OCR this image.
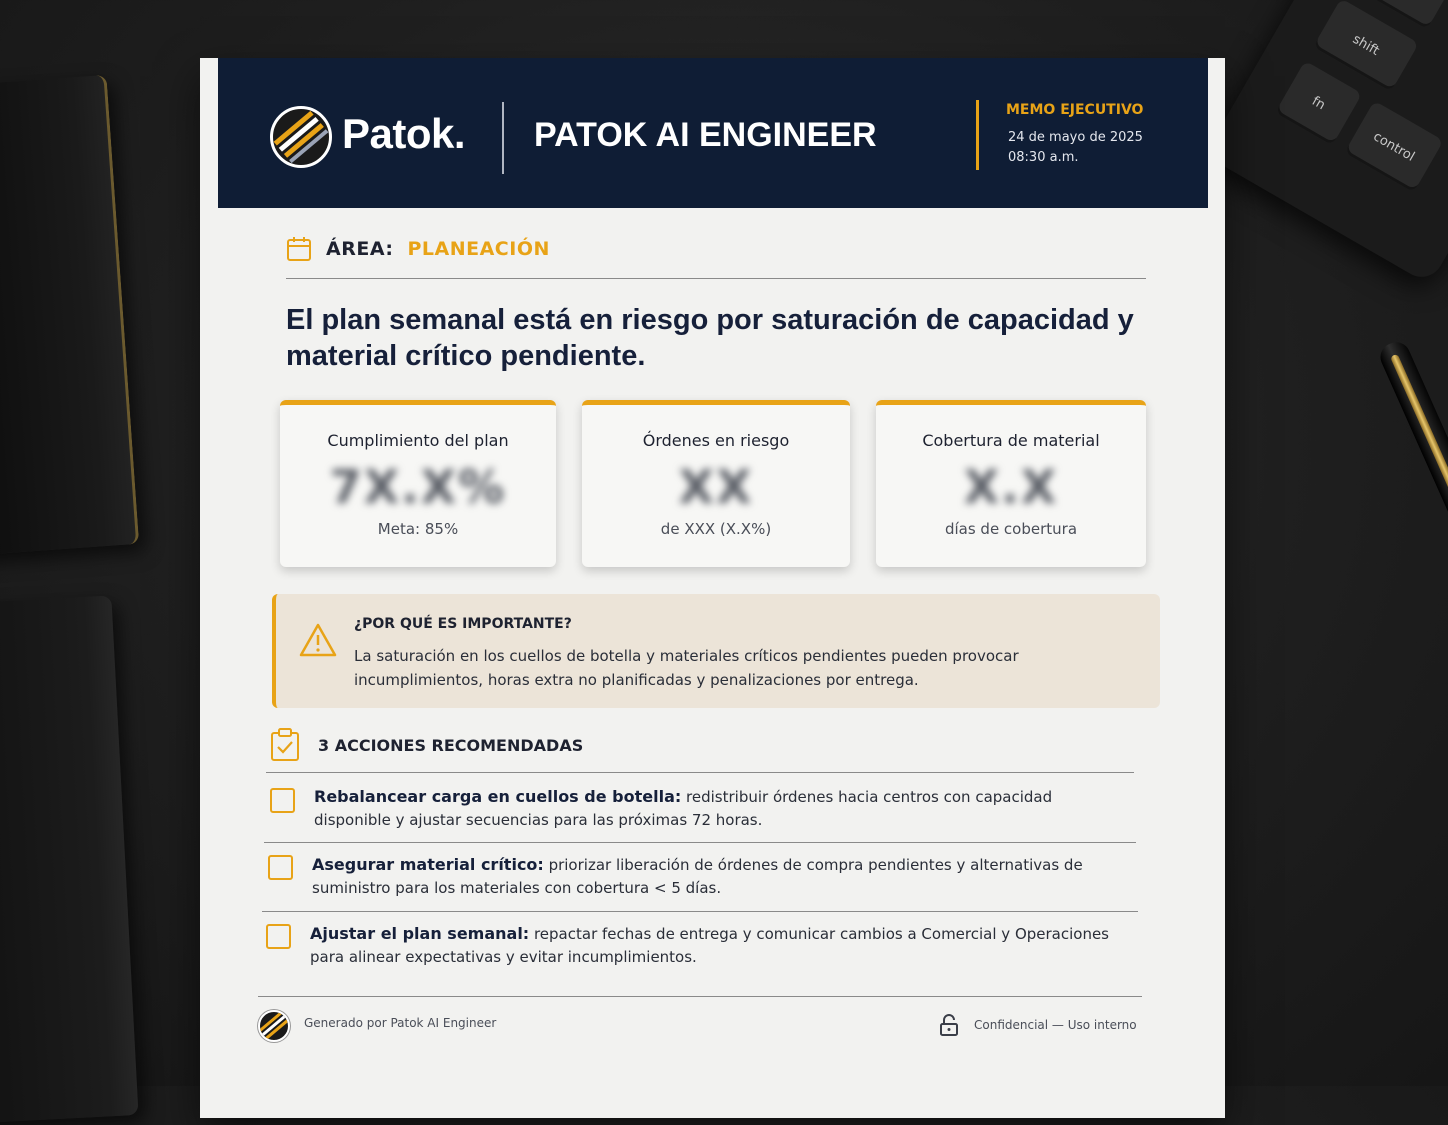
shift
fn
control
Patok. PATOK AI ENGINEER
MEMO EJECUTIVO
24 de mayo de 2025
08:30 a.m.
ÁREA: PLANEACIÓN
El plan semanal está en riesgo por saturación de capacidad y material crítico pendiente.
Cumplimiento del plan
7X.X%
Meta: 85%
Órdenes en riesgo
XX
de XXX (X.X%)
Cobertura de material
X.X
días de cobertura
¿POR QUÉ ES IMPORTANTE?
La saturación en los cuellos de botella y materiales críticos pendientes pueden provocar incumplimientos, horas extra no planificadas y penalizaciones por entrega.
3 ACCIONES RECOMENDADAS
Rebalancear carga en cuellos de botella: redistribuir órdenes hacia centros con capacidad disponible y ajustar secuencias para las próximas 72 horas.
Asegurar material crítico: priorizar liberación de órdenes de compra pendientes y alternativas de suministro para los materiales con cobertura < 5 días.
Ajustar el plan semanal: repactar fechas de entrega y comunicar cambios a Comercial y Operaciones para alinear expectativas y evitar incumplimientos.
Generado por Patok AI Engineer	Confidencial — Uso interno
